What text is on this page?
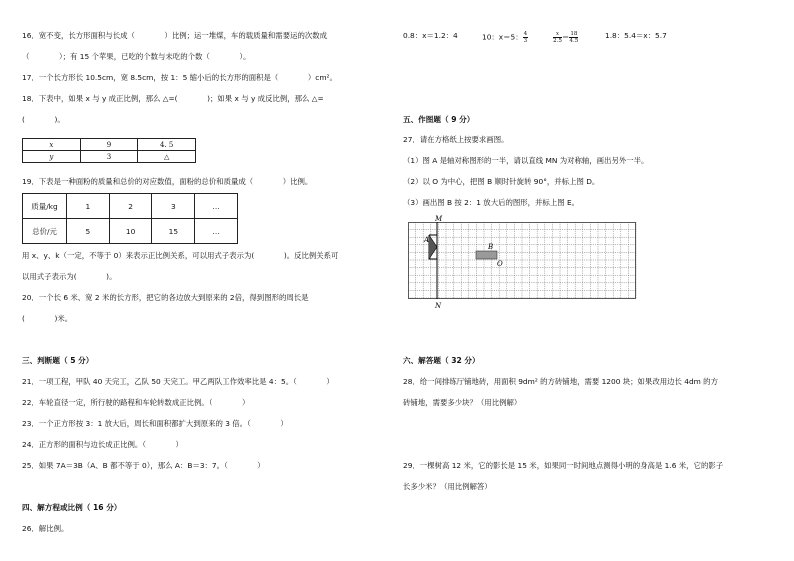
16．宽不变，长方形面积与长成（　　　　）比例；运一堆煤，车的载质量和需要运的次数成
（　　　　）；有 15 个苹果，已吃的个数与未吃的个数（　　　　）。
17．一个长方形长 10.5cm，宽 8.5cm，按 1：5 缩小后的长方形的面积是（　　　　）cm²。
18．下表中，如果 x 与 y 成正比例，那么 △=(　　　　)；如果 x 与 y 成反比例，那么 △=
(　　　　)。
x	9	4. 5
y	3	△
19．下表是一种面粉的质量和总价的对应数值，面粉的总价和质量成（　　　　）比例。
质量/kg	1	2	3	…
总价/元	5	10	15	…
用 x、y、k（一定，不等于 0）来表示正比例关系，可以用式子表示为(　　　　)。反比例关系可
以用式子表示为(　　　　)。
20．一个长 6 米、宽 2 米的长方形，把它的各边放大到原来的 2倍，得到图形的周长是
(　　　　)米。
三、判断题（ 5 分）
21．一项工程，甲队 40 天完工，乙队 50 天完工。甲乙两队工作效率比是 4：5。（　　　　）
22．车轮直径一定，所行驶的路程和车轮转数成正比例。（　　　　）
23．一个正方形按 3：1 放大后，周长和面积都扩大到原来的 3 倍。（　　　　）
24．正方形的面积与边长成正比例。（　　　　）
25．如果 7A＝3B（A、B 都不等于 0），那么 A：B＝3：7。（　　　　）
四、解方程或比例（ 16 分）
26．解比例。
0.8：x＝1.2：4	10：x＝5： $\frac{4}{3}$	$\frac{x}{2.5} = \frac{18}{4.5}$	1.8：5.4＝x：5.7
五、作图题（ 9 分）
27．请在方格纸上按要求画图。
（1）图 A 是轴对称图形的一半，请以直线 MN 为对称轴，画出另外一半。
（2）以 O 为中心，把图 B 顺时针旋转 90°，并标上图 D。
（3）画出图 B 按 2：1 放大后的图形，并标上图 E。
M
N
A
B
O
六、解答题（ 32 分）
28．给一间排练厅铺地砖，用面积 9dm² 的方砖铺地，需要 1200 块；如果改用边长 4dm 的方
砖铺地，需要多少块？（用比例解）
29．一棵树高 12 米，它的影长是 15 米，如果同一时间地点测得小明的身高是 1.6 米，它的影子
长多少米？（用比例解答）
